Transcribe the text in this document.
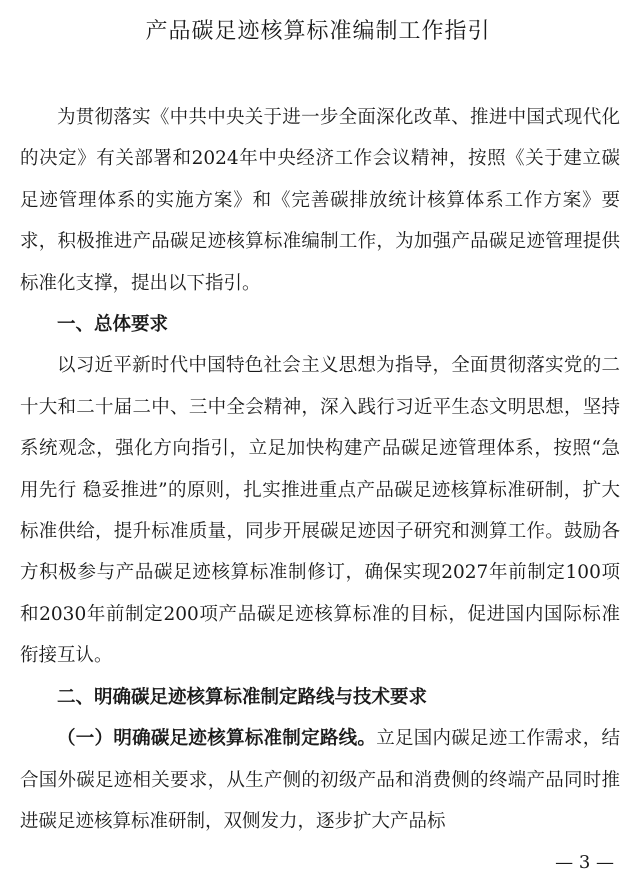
产品碳足迹核算标准编制工作指引

为贯彻落实《中共中央关于进一步全面深化改革、推进中国式现代化的决定》有关部署和2024年中央经济工作会议精神，按照《关于建立碳足迹管理体系的实施方案》和《完善碳排放统计核算体系工作方案》要求，积极推进产品碳足迹核算标准编制工作，为加强产品碳足迹管理提供标准化支撑，提出以下指引。

一、总体要求

以习近平新时代中国特色社会主义思想为指导，全面贯彻落实党的二十大和二十届二中、三中全会精神，深入践行习近平生态文明思想，坚持系统观念，强化方向指引，立足加快构建产品碳足迹管理体系，按照“急用先行 稳妥推进”的原则，扎实推进重点产品碳足迹核算标准研制，扩大标准供给，提升标准质量，同步开展碳足迹因子研究和测算工作。鼓励各方积极参与产品碳足迹核算标准制修订，确保实现2027年前制定100项和2030年前制定200项产品碳足迹核算标准的目标，促进国内国际标准衔接互认。

二、明确碳足迹核算标准制定路线与技术要求

（一）明确碳足迹核算标准制定路线。立足国内碳足迹工作需求，结合国外碳足迹相关要求，从生产侧的初级产品和消费侧的终端产品同时推进碳足迹核算标准研制，双侧发力，逐步扩大产品标

— 3 —
